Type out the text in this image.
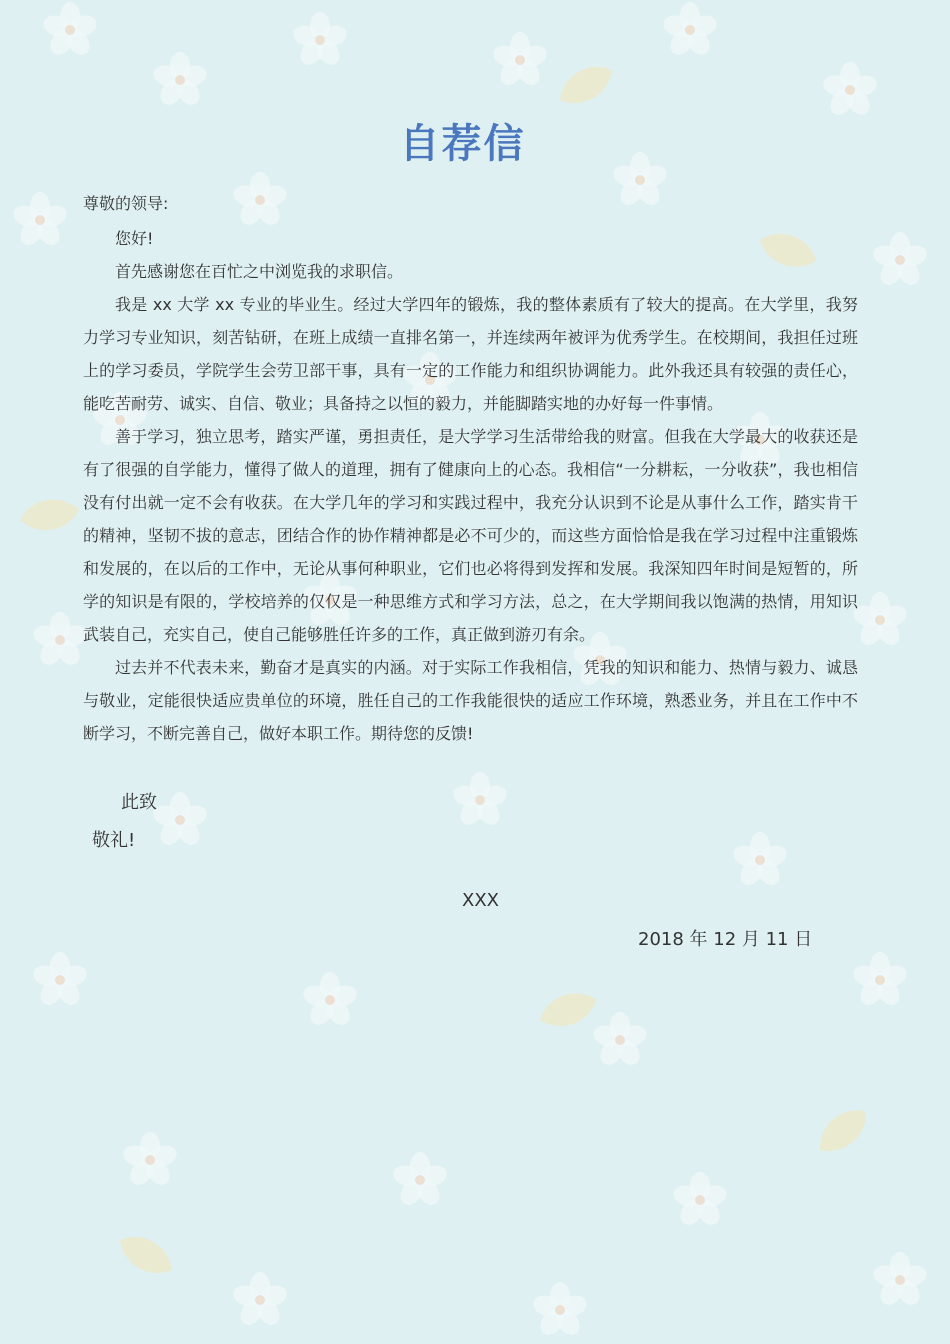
自荐信
尊敬的领导:

您好!

首先感谢您在百忙之中浏览我的求职信。

我是 xx 大学 xx 专业的毕业生。经过大学四年的锻炼，我的整体素质有了较大的提高。在大学里，我努力学习专业知识，刻苦钻研，在班上成绩一直排名第一，并连续两年被评为优秀学生。在校期间，我担任过班上的学习委员，学院学生会劳卫部干事，具有一定的工作能力和组织协调能力。此外我还具有较强的责任心，能吃苦耐劳、诚实、自信、敬业；具备持之以恒的毅力，并能脚踏实地的办好每一件事情。

善于学习，独立思考，踏实严谨，勇担责任，是大学学习生活带给我的财富。但我在大学最大的收获还是有了很强的自学能力，懂得了做人的道理，拥有了健康向上的心态。我相信“一分耕耘，一分收获”，我也相信没有付出就一定不会有收获。在大学几年的学习和实践过程中，我充分认识到不论是从事什么工作，踏实肯干的精神，坚韧不拔的意志，团结合作的协作精神都是必不可少的，而这些方面恰恰是我在学习过程中注重锻炼和发展的，在以后的工作中，无论从事何种职业，它们也必将得到发挥和发展。我深知四年时间是短暂的，所学的知识是有限的，学校培养的仅仅是一种思维方式和学习方法，总之，在大学期间我以饱满的热情，用知识武装自己，充实自己，使自己能够胜任许多的工作，真正做到游刃有余。

过去并不代表未来，勤奋才是真实的内涵。对于实际工作我相信，凭我的知识和能力、热情与毅力、诚恳与敬业，定能很快适应贵单位的环境，胜任自己的工作我能很快的适应工作环境，熟悉业务，并且在工作中不断学习，不断完善自己，做好本职工作。期待您的反馈!

此致
敬礼!
XXX
2018 年 12 月 11 日
